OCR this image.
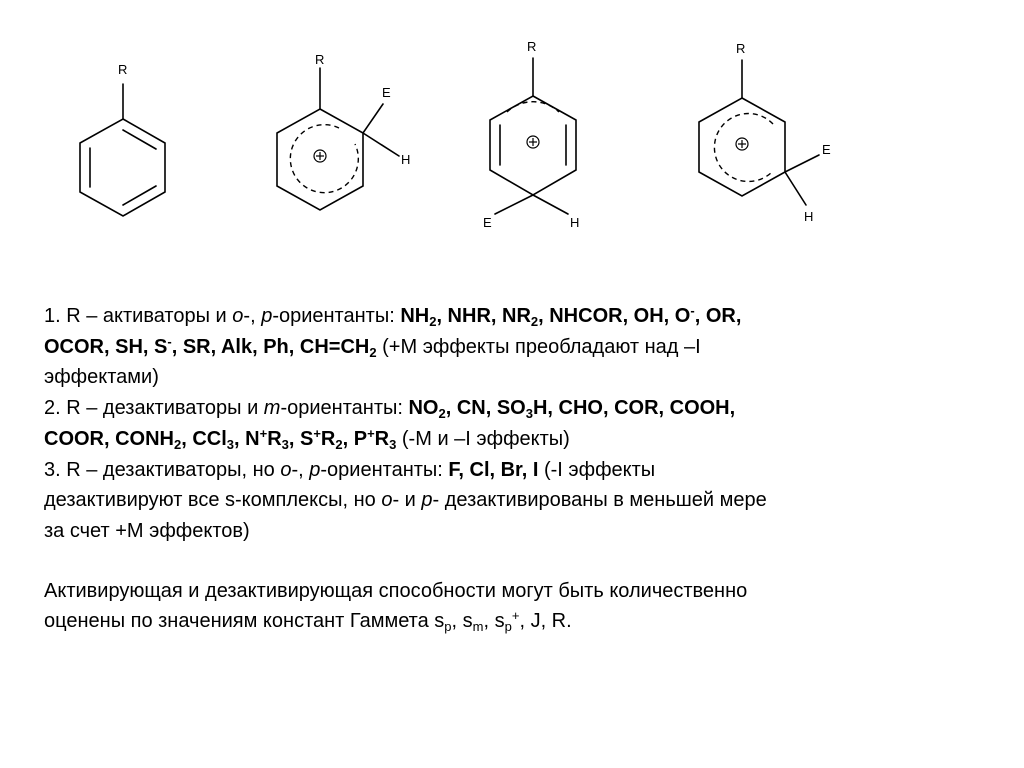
R
R
E
H
R
E	H
R
E
H

1. R – активаторы и o-, p-ориентанты: $NH_2$, NHR, $NR_2$, NHCOR, OH, O-, OR,
OCOR, SH, S-, SR, Alk, Ph, $CH=CH_2$ (+M эффекты преобладают над –I
эффектами)

2. R – дезактиваторы и m-ориентанты: $NO_2$, CN, $SO_3H$, CHO, COR, COOH,
COOR, $CONH_2$, CCl$_3$, $N^+R_3$, $S^+R_2$, $P^+R_3$ (-M и –I эффекты)

3. R – дезактиваторы, но o-, p-ориентанты: F, Cl, Br, I (-I эффекты
дезактивируют все s-комплексы, но o- и p- дезактивированы в меньшей мере
за счет +M эффектов)

Активирующая и дезактивирующая способности могут быть количественно
оценены по значениям констант Гаммета $s_p$, $s_m$, $s_p^+$, J, R.
